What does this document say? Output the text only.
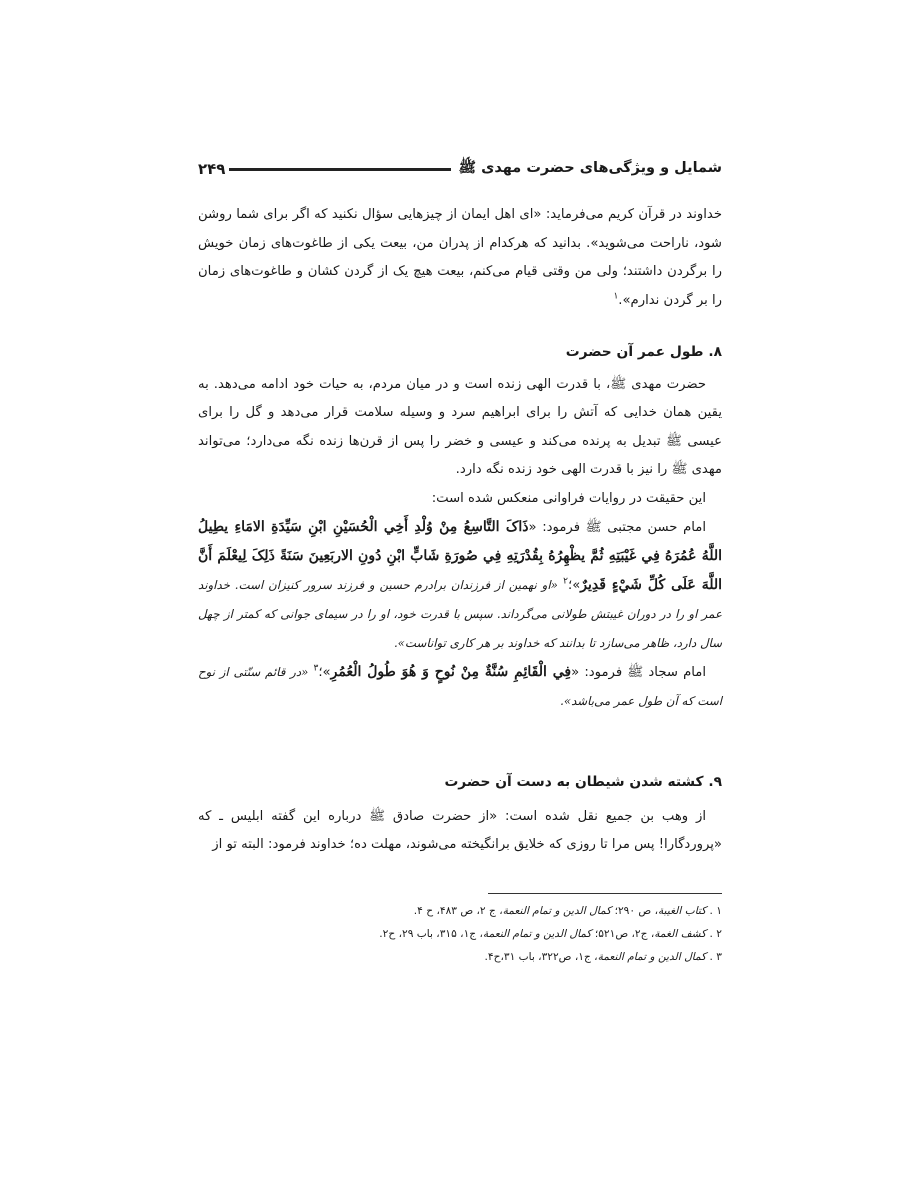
شمایل و ویژگی‌های حضرت مهدی ﷺ
۲۴۹

خداوند در قرآن کریم می‌فرماید: «ای اهل ایمان از چیزهایی سؤال نکنید که اگر برای شما روشن شود، ناراحت می‌شوید». بدانید که هرکدام از پدران من، بیعت یکی از طاغوت‌های زمان خویش را برگردن داشتند؛ ولی من وقتی قیام می‌کنم، بیعت هیچ یک از گردن کشان و طاغوت‌های زمان را بر گردن ندارم».$^۱$

۸. طول عمر آن حضرت

حضرت مهدی ﷺ، با قدرت الهی زنده است و در میان مردم، به حیات خود ادامه می‌دهد. به یقین همان خدایی که آتش را برای ابراهیم سرد و وسیله سلامت قرار می‌دهد و گل را برای عیسی ﷺ تبدیل به پرنده می‌کند و عیسی و خضر را پس از قرن‌ها زنده نگه می‌دارد؛ می‌تواند مهدی ﷺ را نیز با قدرت الهی خود زنده نگه دارد.

این حقیقت در روایات فراوانی منعکس شده است:

امام حسن مجتبی ﷺ فرمود: «ذَاکَ التَّاسِعُ مِنْ وُلْدِ أَخِي الْحُسَيْنِ ابْنِ سَيِّدَةِ الامَاءِ يطِيلُ اللَّهُ عُمُرَهُ فِي غَيْبَتِهِ ثُمَّ يظْهِرُهُ بِقُدْرَتِهِ فِي صُورَةِ شَابٍّ ابْنِ دُونِ الاربَعِينَ سَنَةً ذَلِکَ لِيعْلَمَ أَنَّ اللَّهَ عَلَى كُلِّ شَيْءٍ قَدِيرٌ»؛$^۲$ «او نهمین از فرزندان برادرم حسین و فرزند سرور کنیزان است. خداوند عمر او را در دوران غیبتش طولانی می‌گرداند. سپس با قدرت خود، او را در سیمای جوانی که کمتر از چهل سال دارد، ظاهر می‌سازد تا بدانند که خداوند بر هر کاری تواناست».

امام سجاد ﷺ فرمود: «فِي الْقَائِمِ سُنَّةٌ مِنْ نُوحٍ وَ هُوَ طُولُ الْعُمُرِ»؛$^۳$ «در قائم سنّتی از نوح است که آن طول عمر می‌باشد».

۹. کشته شدن شیطان به دست آن حضرت

از وهب بن جمیع نقل شده است: «از حضرت صادق ﷺ درباره این گفته ابلیس ـ که «پروردگارا! پس مرا تا روزی که خلایق برانگیخته می‌شوند، مهلت ده؛ خداوند فرمود: البته تو از

۱ . کتاب الغیبة، ص ۲۹۰؛ کمال الدین و تمام النعمة، ج ۲، ص ۴۸۳، ح ۴.
۲ . کشف الغمة، ج۲، ص۵۲۱؛ کمال الدین و تمام النعمة، ج۱، ۳۱۵، باب ۲۹، ح۲.
۳ . کمال الدین و تمام النعمة، ج۱، ص۳۲۲، باب ۳۱،ح۴.
